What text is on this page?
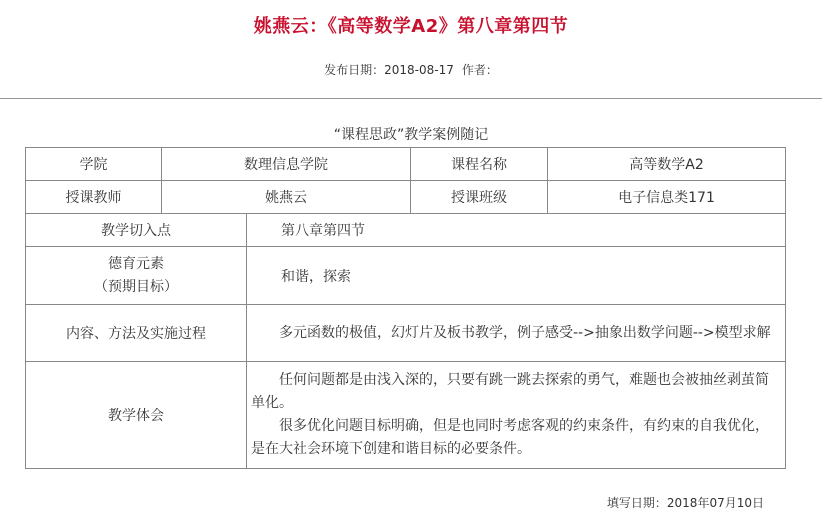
姚燕云：《高等数学A2》第八章第四节
发布日期：2018-08-17 作者：
“课程思政”教学案例随记
学院	数理信息学院		课程名称	高等数学A2
授课教师	姚燕云		授课班级	电子信息类171
教学切入点		第八章第四节		

德育元素
（预期目标）		和谐，探索		
内容、方法及实施过程		多元函数的极值，幻灯片及板书教学，例子感受-->抽象出数学问题-->模型求解		
教学体会		任何问题都是由浅入深的，只要有跳一跳去探索的勇气，难题也会被抽丝剥茧简单化。

很多优化问题目标明确，但是也同时考虑客观的约束条件，有约束的自我优化，是在大社会环境下创建和谐目标的必要条件。		

填写日期：2018年07月10日
